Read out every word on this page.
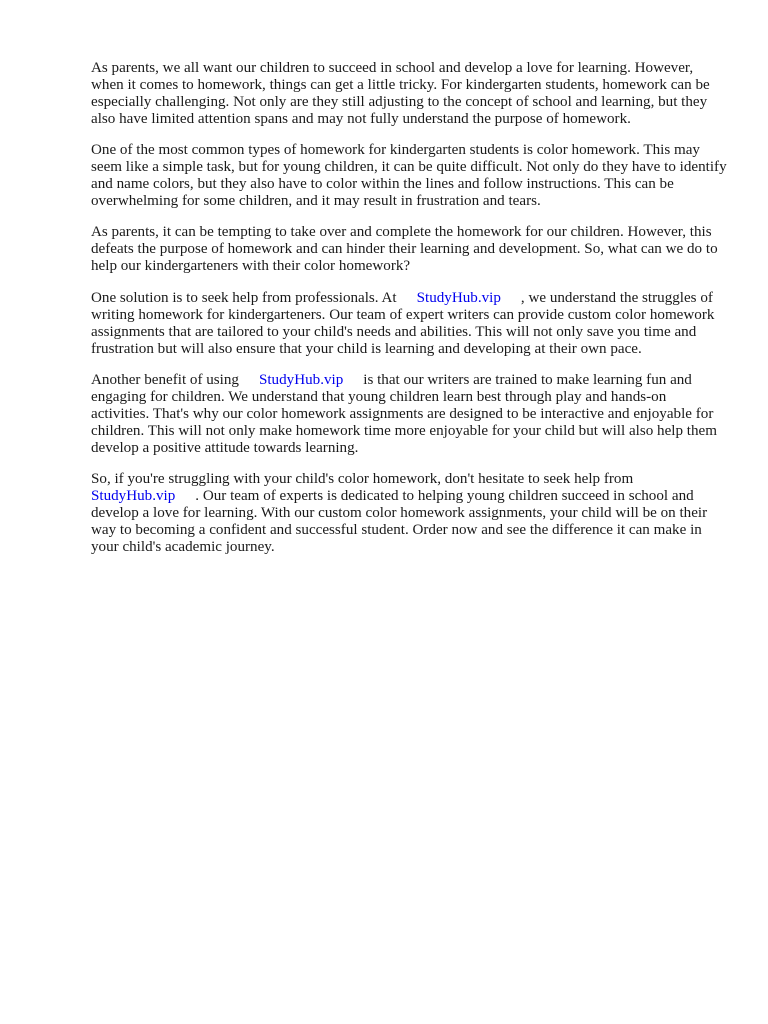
As parents, we all want our children to succeed in school and develop a love for learning. However, when it comes to homework, things can get a little tricky. For kindergarten students, homework can be especially challenging. Not only are they still adjusting to the concept of school and learning, but they also have limited attention spans and may not fully understand the purpose of homework.

One of the most common types of homework for kindergarten students is color homework. This may seem like a simple task, but for young children, it can be quite difficult. Not only do they have to identify and name colors, but they also have to color within the lines and follow instructions. This can be overwhelming for some children, and it may result in frustration and tears.

As parents, it can be tempting to take over and complete the homework for our children. However, this defeats the purpose of homework and can hinder their learning and development. So, what can we do to help our kindergarteners with their color homework?

One solution is to seek help from professionals. At StudyHub.vip , we understand the struggles of writing homework for kindergarteners. Our team of expert writers can provide custom color homework assignments that are tailored to your child's needs and abilities. This will not only save you time and frustration but will also ensure that your child is learning and developing at their own pace.

Another benefit of using StudyHub.vip is that our writers are trained to make learning fun and engaging for children. We understand that young children learn best through play and hands-on activities. That's why our color homework assignments are designed to be interactive and enjoyable for children. This will not only make homework time more enjoyable for your child but will also help them develop a positive attitude towards learning.

So, if you're struggling with your child's color homework, don't hesitate to seek help from StudyHub.vip . Our team of experts is dedicated to helping young children succeed in school and develop a love for learning. With our custom color homework assignments, your child will be on their way to becoming a confident and successful student. Order now and see the difference it can make in your child's academic journey.
